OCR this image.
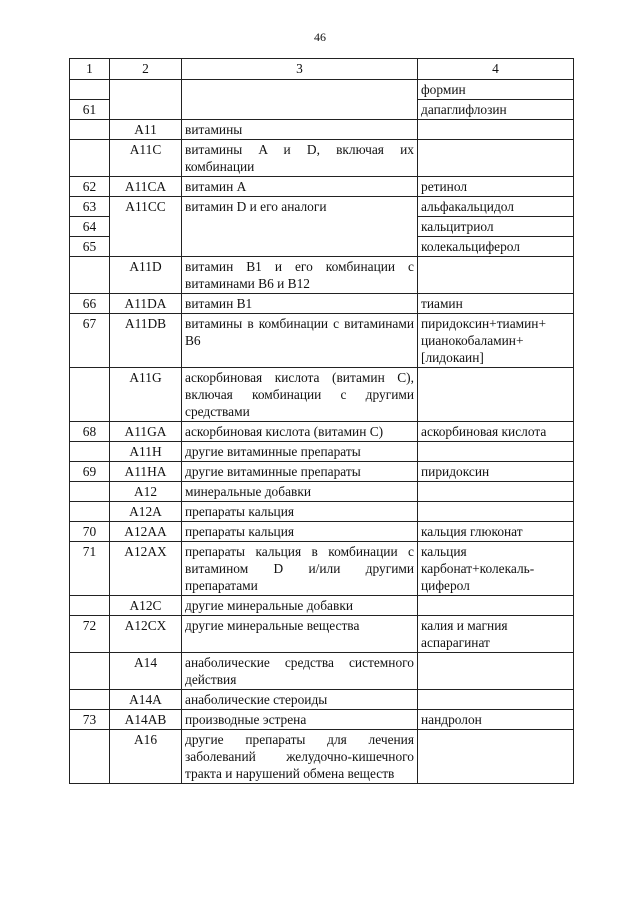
46
1	2	3	4
			формин
61			дапаглифлозин
	A11	витамины	
	A11C	витамины A и D, включая их комбинации	
62	A11CA	витамин A	ретинол
63	A11CC	витамин D и его аналоги	альфакальцидол
64			кальцитриол
65			колекальциферол
	A11D	витамин B1 и его комбинации с витаминами B6 и B12	
66	A11DA	витамин B1	тиамин
67	A11DB	витамины в комбинации с витаминами B6	пиридоксин+тиамин+ цианокобаламин+ [лидокаин]
	A11G	аскорбиновая кислота (витамин C), включая комбинации с другими средствами	
68	A11GA	аскорбиновая кислота (витамин C)	аскорбиновая кислота
	A11H	другие витаминные препараты	
69	A11HA	другие витаминные препараты	пиридоксин
	A12	минеральные добавки	
	A12A	препараты кальция	
70	A12AA	препараты кальция	кальция глюконат
71	A12AX	препараты кальция в комбинации с витамином D и/или другими препаратами	кальция карбонат+колекаль- циферол
	A12C	другие минеральные добавки	
72	A12CX	другие минеральные вещества	калия и магния аспарагинат
	A14	анаболические средства системного действия	
	A14A	анаболические стероиды	
73	A14AB	производные эстрена	нандролон
	A16	другие препараты для лечения заболеваний желудочно-кишечного тракта и нарушений обмена веществ	
